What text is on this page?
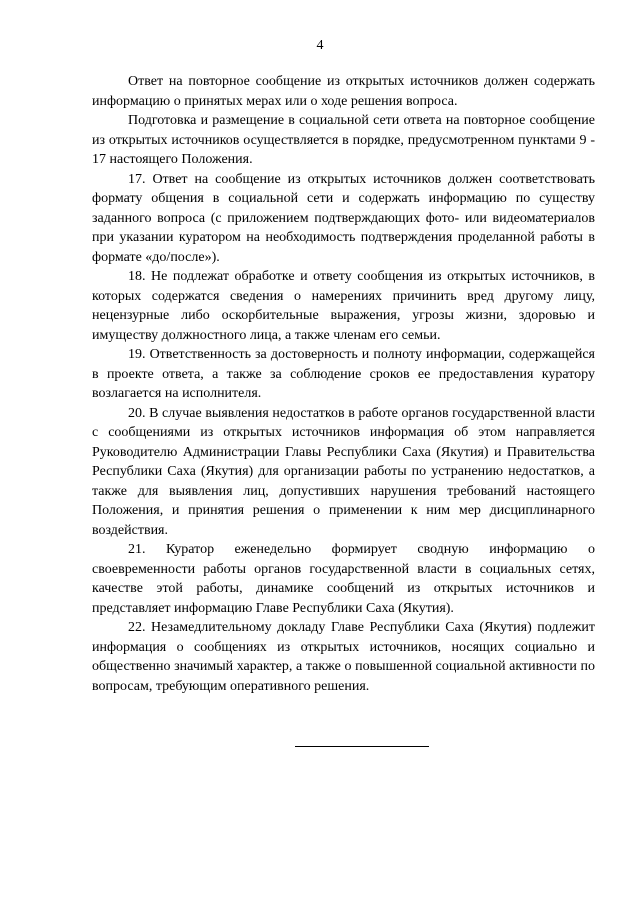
4

Ответ на повторное сообщение из открытых источников должен содержать информацию о принятых мерах или о ходе решения вопроса.

Подготовка и размещение в социальной сети ответа на повторное сообщение из открытых источников осуществляется в порядке, предусмотренном пунктами 9 - 17 настоящего Положения.

17. Ответ на сообщение из открытых источников должен соответствовать формату общения в социальной сети и содержать информацию по существу заданного вопроса (с приложением подтверждающих фото- или видеоматериалов при указании куратором на необходимость подтверждения проделанной работы в формате «до/после»).

18. Не подлежат обработке и ответу сообщения из открытых источников, в которых содержатся сведения о намерениях причинить вред другому лицу, нецензурные либо оскорбительные выражения, угрозы жизни, здоровью и имуществу должностного лица, а также членам его семьи.

19. Ответственность за достоверность и полноту информации, содержащейся в проекте ответа, а также за соблюдение сроков ее предоставления куратору возлагается на исполнителя.

20. В случае выявления недостатков в работе органов государственной власти с сообщениями из открытых источников информация об этом направляется Руководителю Администрации Главы Республики Саха (Якутия) и Правительства Республики Саха (Якутия) для организации работы по устранению недостатков, а также для выявления лиц, допустивших нарушения требований настоящего Положения, и принятия решения о применении к ним мер дисциплинарного воздействия.

21. Куратор еженедельно формирует сводную информацию о своевременности работы органов государственной власти в социальных сетях, качестве этой работы, динамике сообщений из открытых источников и представляет информацию Главе Республики Саха (Якутия).

22. Незамедлительному докладу Главе Республики Саха (Якутия) подлежит информация о сообщениях из открытых источников, носящих социально и общественно значимый характер, а также о повышенной социальной активности по вопросам, требующим оперативного решения.
